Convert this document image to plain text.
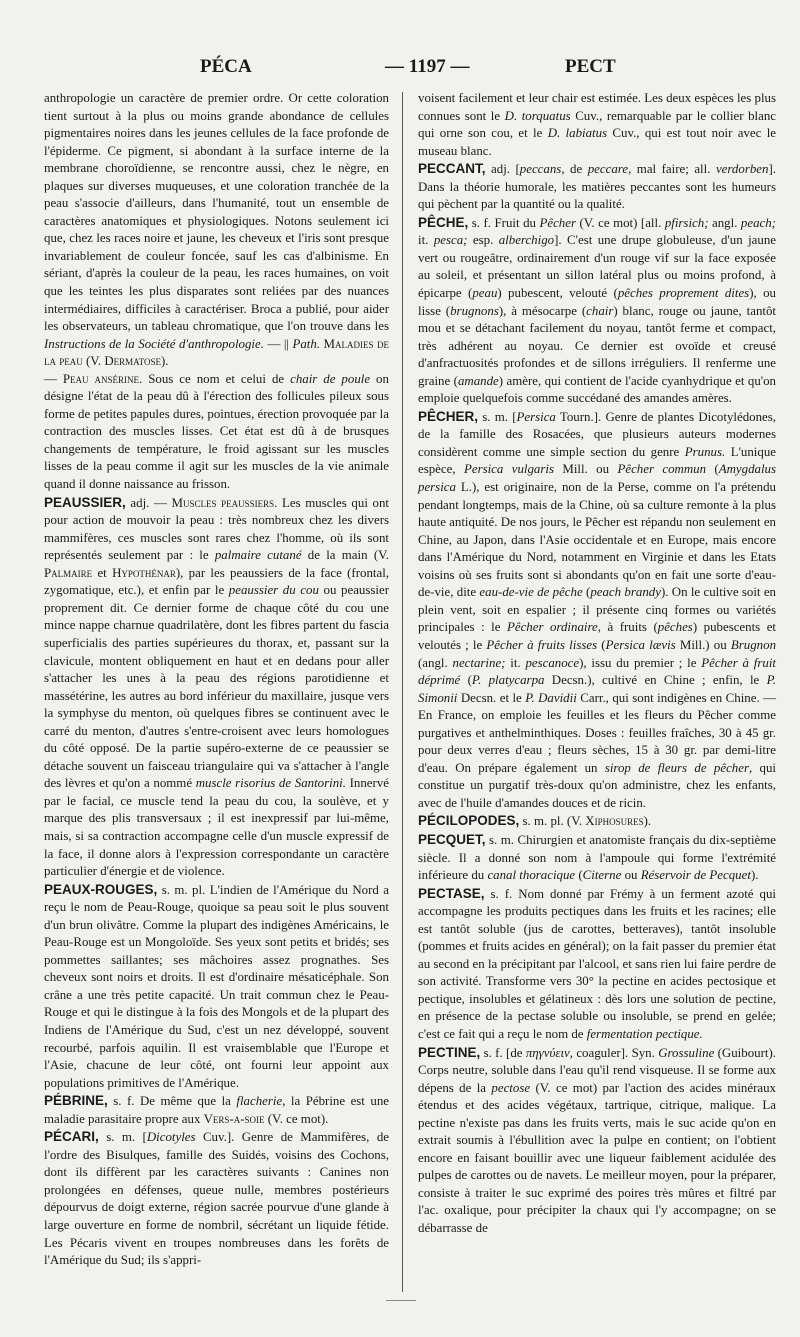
PÉCA	— 1197 —	PECT

anthropologie un caractère de premier ordre. Or cette coloration tient surtout à la plus ou moins grande abondance de cellules pigmentaires noires dans les jeunes cellules de la face profonde de l'épiderme. Ce pigment, si abondant à la surface interne de la membrane choroïdienne, se rencontre aussi, chez le nègre, en plaques sur diverses muqueuses, et une coloration tranchée de la peau s'associe d'ailleurs, dans l'humanité, tout un ensemble de caractères anatomiques et physiologiques. Notons seulement ici que, chez les races noire et jaune, les cheveux et l'iris sont presque invariablement de couleur foncée, sauf les cas d'albinisme. En sériant, d'après la couleur de la peau, les races humaines, on voit que les teintes les plus disparates sont reliées par des nuances intermédiaires, difficiles à caractériser. Broca a publié, pour aider les observateurs, un tableau chromatique, que l'on trouve dans les Instructions de la Société d'anthropologie. — || Path. Maladies de la peau (V. Dermatose).

— Peau ansérine. Sous ce nom et celui de chair de poule on désigne l'état de la peau dû à l'érection des follicules pileux sous forme de petites papules dures, pointues, érection provoquée par la contraction des muscles lisses. Cet état est dû à de brusques changements de température, le froid agissant sur les muscles lisses de la peau comme il agit sur les muscles de la vie animale quand il donne naissance au frisson.

PEAUSSIER, adj. — Muscles peaussiers. Les muscles qui ont pour action de mouvoir la peau : très nombreux chez les divers mammifères, ces muscles sont rares chez l'homme, où ils sont représentés seulement par : le palmaire cutané de la main (V. Palmaire et Hypothénar), par les peaussiers de la face (frontal, zygomatique, etc.), et enfin par le peaussier du cou ou peaussier proprement dit. Ce dernier forme de chaque côté du cou une mince nappe charnue quadrilatère, dont les fibres partent du fascia superficialis des parties supérieures du thorax, et, passant sur la clavicule, montent obliquement en haut et en dedans pour aller s'attacher les unes à la peau des régions parotidienne et massétérine, les autres au bord inférieur du maxillaire, jusque vers la symphyse du menton, où quelques fibres se continuent avec le carré du menton, d'autres s'entre-croisent avec leurs homologues du côté opposé. De la partie supéro-externe de ce peaussier se détache souvent un faisceau triangulaire qui va s'attacher à l'angle des lèvres et qu'on a nommé muscle risorius de Santorini. Innervé par le facial, ce muscle tend la peau du cou, la soulève, et y marque des plis transversaux ; il est inexpressif par lui-même, mais, si sa contraction accompagne celle d'un muscle expressif de la face, il donne alors à l'expression correspondante un caractère particulier d'énergie et de violence.

PEAUX-ROUGES, s. m. pl. L'indien de l'Amérique du Nord a reçu le nom de Peau-Rouge, quoique sa peau soit le plus souvent d'un brun olivâtre. Comme la plupart des indigènes Américains, le Peau-Rouge est un Mongoloïde. Ses yeux sont petits et bridés; ses pommettes saillantes; ses mâchoires assez prognathes. Ses cheveux sont noirs et droits. Il est d'ordinaire mésaticéphale. Son crâne a une très petite capacité. Un trait commun chez le Peau-Rouge et qui le distingue à la fois des Mongols et de la plupart des Indiens de l'Amérique du Sud, c'est un nez développé, souvent recourbé, parfois aquilin. Il est vraisemblable que l'Europe et l'Asie, chacune de leur côté, ont fourni leur appoint aux populations primitives de l'Amérique.

PÉBRINE, s. f. De même que la flacherie, la Pébrine est une maladie parasitaire propre aux Vers-a-soie (V. ce mot).

PÉCARI, s. m. [Dicotyles Cuv.]. Genre de Mammifères, de l'ordre des Bisulques, famille des Suidés, voisins des Cochons, dont ils diffèrent par les caractères suivants : Canines non prolongées en défenses, queue nulle, membres postérieurs dépourvus de doigt externe, région sacrée pourvue d'une glande à large ouverture en forme de nombril, sécrétant un liquide fétide. Les Pécaris vivent en troupes nombreuses dans les forêts de l'Amérique du Sud; ils s'appri-

voisent facilement et leur chair est estimée. Les deux espèces les plus connues sont le D. torquatus Cuv., remarquable par le collier blanc qui orne son cou, et le D. labiatus Cuv., qui est tout noir avec le museau blanc.

PECCANT, adj. [peccans, de peccare, mal faire; all. verdorben]. Dans la théorie humorale, les matières peccantes sont les humeurs qui pèchent par la quantité ou la qualité.

PÊCHE, s. f. Fruit du Pêcher (V. ce mot) [all. pfirsich; angl. peach; it. pesca; esp. alberchigo]. C'est une drupe globuleuse, d'un jaune vert ou rougeâtre, ordinairement d'un rouge vif sur la face exposée au soleil, et présentant un sillon latéral plus ou moins profond, à épicarpe (peau) pubescent, velouté (pêches proprement dites), ou lisse (brugnons), à mésocarpe (chair) blanc, rouge ou jaune, tantôt mou et se détachant facilement du noyau, tantôt ferme et compact, très adhérent au noyau. Ce dernier est ovoïde et creusé d'anfractuosités profondes et de sillons irréguliers. Il renferme une graine (amande) amère, qui contient de l'acide cyanhydrique et qu'on emploie quelquefois comme succédané des amandes amères.

PÊCHER, s. m. [Persica Tourn.]. Genre de plantes Dicotylédones, de la famille des Rosacées, que plusieurs auteurs modernes considèrent comme une simple section du genre Prunus. L'unique espèce, Persica vulgaris Mill. ou Pêcher commun (Amygdalus persica L.), est originaire, non de la Perse, comme on l'a prétendu pendant longtemps, mais de la Chine, où sa culture remonte à la plus haute antiquité. De nos jours, le Pêcher est répandu non seulement en Chine, au Japon, dans l'Asie occidentale et en Europe, mais encore dans l'Amérique du Nord, notamment en Virginie et dans les Etats voisins où ses fruits sont si abondants qu'on en fait une sorte d'eau-de-vie, dite eau-de-vie de pêche (peach brandy). On le cultive soit en plein vent, soit en espalier ; il présente cinq formes ou variétés principales : le Pêcher ordinaire, à fruits (pêches) pubescents et veloutés ; le Pêcher à fruits lisses (Persica lævis Mill.) ou Brugnon (angl. nectarine; it. pescanoce), issu du premier ; le Pêcher à fruit déprimé (P. platycarpa Decsn.), cultivé en Chine ; enfin, le P. Simonii Decsn. et le P. Davidii Carr., qui sont indigènes en Chine. — En France, on emploie les feuilles et les fleurs du Pêcher comme purgatives et anthelminthiques. Doses : feuilles fraîches, 30 à 45 gr. pour deux verres d'eau ; fleurs sèches, 15 à 30 gr. par demi-litre d'eau. On prépare également un sirop de fleurs de pêcher, qui constitue un purgatif très-doux qu'on administre, chez les enfants, avec de l'huile d'amandes douces et de ricin.

PÉCILOPODES, s. m. pl. (V. Xiphosures).

PECQUET, s. m. Chirurgien et anatomiste français du dix-septième siècle. Il a donné son nom à l'ampoule qui forme l'extrémité inférieure du canal thoracique (Citerne ou Réservoir de Pecquet).

PECTASE, s. f. Nom donné par Frémy à un ferment azoté qui accompagne les produits pectiques dans les fruits et les racines; elle est tantôt soluble (jus de carottes, betteraves), tantôt insoluble (pommes et fruits acides en général); on la fait passer du premier état au second en la précipitant par l'alcool, et sans rien lui faire perdre de son activité. Transforme vers 30° la pectine en acides pectosique et pectique, insolubles et gélatineux : dès lors une solution de pectine, en présence de la pectase soluble ou insoluble, se prend en gelée; c'est ce fait qui a reçu le nom de fermentation pectique.

PECTINE, s. f. [de πηγνύειν, coaguler]. Syn. Grossuline (Guibourt). Corps neutre, soluble dans l'eau qu'il rend visqueuse. Il se forme aux dépens de la pectose (V. ce mot) par l'action des acides minéraux étendus et des acides végétaux, tartrique, citrique, malique. La pectine n'existe pas dans les fruits verts, mais le suc acide qu'on en extrait soumis à l'ébullition avec la pulpe en contient; on l'obtient encore en faisant bouillir avec une liqueur faiblement acidulée des pulpes de carottes ou de navets. Le meilleur moyen, pour la préparer, consiste à traiter le suc exprimé des poires très mûres et filtré par l'ac. oxalique, pour précipiter la chaux qui l'y accompagne; on se débarrasse de
